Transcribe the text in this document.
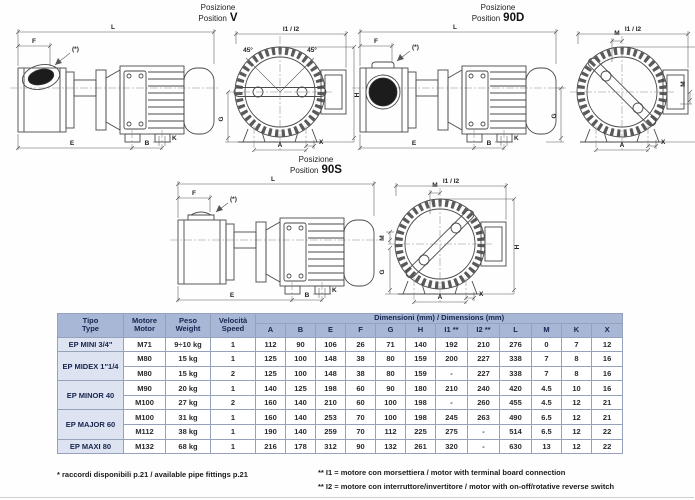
Posizione
Position V
L
F
(*)
E	B
K
45°	45°
I1 / I2
G
H
A	X
Posizione
Position 90D
L
F
(*)
E	B
K
G
M
I1 / I2
M
A	X
Posizione
Position 90S
L
F
(*)
E	B
K
M
I1 / I2
M
G
H
A	X
Tipo
Type	Motore
Motor	Peso
Weight	Velocità
Speed	Dimensioni (mm) / Dimensions (mm)											
				A	B	E	F	G	H	I1 **	I2 **	L	M	K	X
EP MINI 3/4"	M71	9÷10 kg	1	112	90	106	26	71	140	192	210	276	0	7	12
EP MIDEX 1"1/4	M80	15 kg	1	125	100	148	38	80	159	200	227	338	7	8	16
	M80	15 kg	2	125	100	148	38	80	159	-	227	338	7	8	16
EP MINOR 40	M90	20 kg	1	140	125	198	60	90	180	210	240	420	4.5	10	16
	M100	27 kg	2	160	140	210	60	100	198	-	260	455	4.5	12	21
EP MAJOR 60	M100	31 kg	1	160	140	253	70	100	198	245	263	490	6.5	12	21
	M112	38 kg	1	190	140	259	70	112	225	275	-	514	6.5	12	22
EP MAXI 80	M132	68 kg	1	216	178	312	90	132	261	320	-	630	13	12	22
* raccordi disponibili p.21 / available pipe fittings p.21	** I1 = motore con morsettiera / motor with terminal board connection
** I2 = motore con interruttore/invertitore / motor with on-off/rotative reverse switch
